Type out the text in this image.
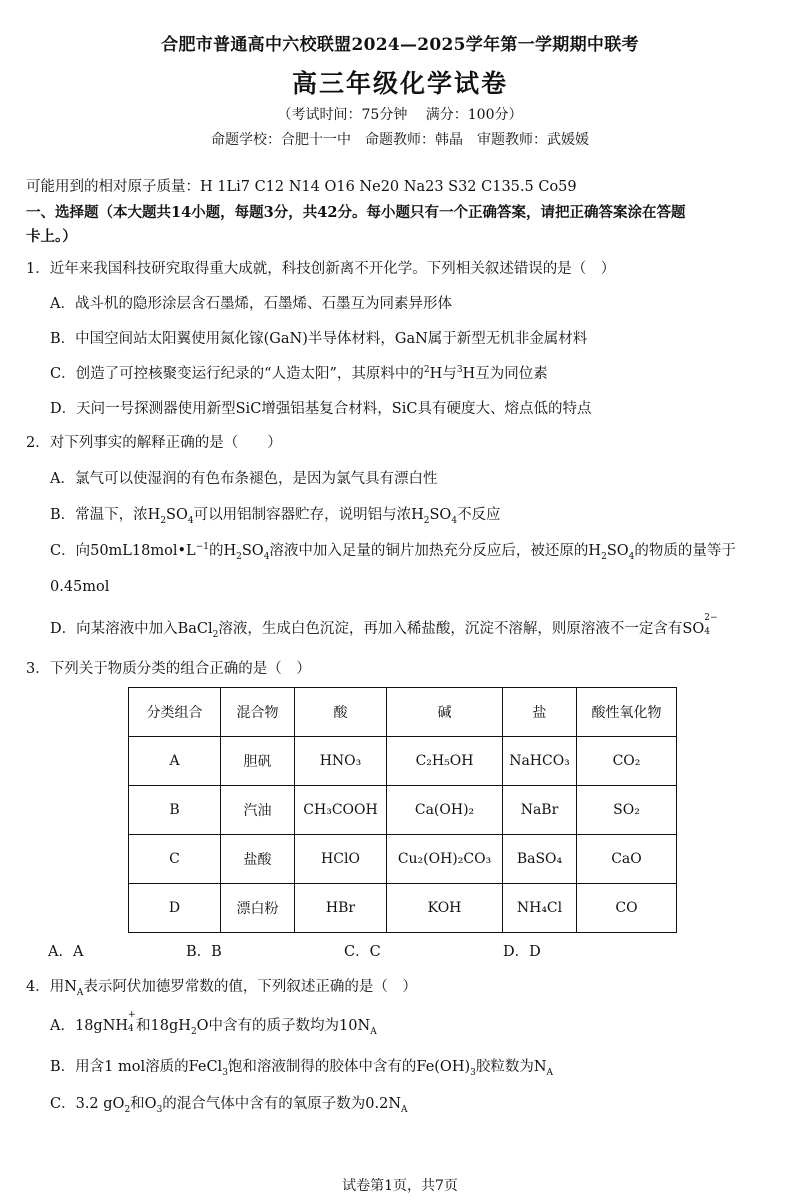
合肥市普通高中六校联盟2024—2025学年第一学期期中联考
高三年级化学试卷
（考试时间：75分钟　 满分：100分）
命题学校：合肥十一中　命题教师：韩晶　审题教师：武媛媛
可能用到的相对原子质量：H 1Li7 C12 N14 O16 Ne20 Na23 S32 C135.5 Co59
一、选择题（本大题共14小题，每题3分，共42分。每小题只有一个正确答案，请把正确答案涂在答题
卡上。）
1．近年来我国科技研究取得重大成就，科技创新离不开化学。下列相关叙述错误的是（　）
A．战斗机的隐形涂层含石墨烯，石墨烯、石墨互为同素异形体
B．中国空间站太阳翼使用氮化镓(GaN)半导体材料，GaN属于新型无机非金属材料
C．创造了可控核聚变运行纪录的“人造太阳”，其原料中的$^2$H与$^3$H互为同位素
D．天问一号探测器使用新型SiC增强铝基复合材料，SiC具有硬度大、熔点低的特点
2．对下列事实的解释正确的是（　　）
A．氯气可以使湿润的有色布条褪色，是因为氯气具有漂白性
B．常温下，浓$H_2SO_4$可以用铝制容器贮存，说明铝与浓$H_2SO_4$不反应
C．向$50mL18mol•L^{-1}$的$H_2SO_4$溶液中加入足量的铜片加热充分反应后，被还原的$H_2SO_4$的物质的量等于
0.45mol
D．向某溶液中加入BaCl$_2$溶液，生成白色沉淀，再加入稀盐酸，沉淀不溶解，则原溶液不一定含有SO
2−
4
3．下列关于物质分类的组合正确的是（　）
分类组合	混合物	酸	碱	盐	酸性氧化物
A	胆矾	HNO₃	C₂H₅OH	NaHCO₃	CO₂
B	汽油	CH₃COOH	Ca(OH)₂	NaBr	SO₂
C	盐酸	HClO	Cu₂(OH)₂CO₃	BaSO₄	CaO
D	漂白粉	HBr	KOH	NH₄Cl	CO
A．A	B．B	C．C	D．D
4．用$N_A$表示阿伏加德罗常数的值，下列叙述正确的是（　）
A．18gNH
+
4 和$18gH_2O$中含有的质子数均为$10N_A$
B．用含1 mol溶质的FeCl$_3$饱和溶液制得的胶体中含有的$Fe(OH)_3$胶粒数为$N_A$
C．3.2 $gO_2$和$O_3$的混合气体中含有的氧原子数为$0.2N_A$
试卷第1页，共7页
